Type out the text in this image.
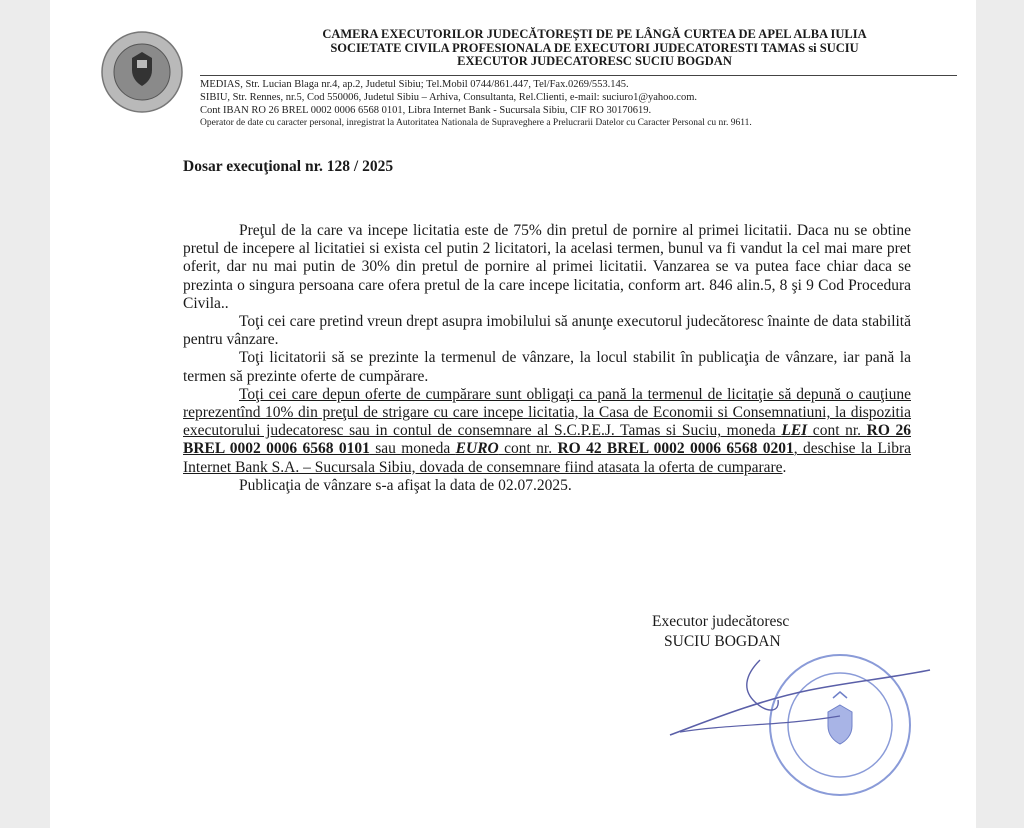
CAMERA EXECUTORILOR JUDECĂTOREȘTI DE PE LÂNGĂ CURTEA DE APEL ALBA IULIA
SOCIETATE CIVILA PROFESIONALA DE EXECUTORI JUDECATORESTI TAMAS si SUCIU
EXECUTOR JUDECATORESC SUCIU BOGDAN
MEDIAS, Str. Lucian Blaga nr.4, ap.2, Judetul Sibiu; Tel.Mobil 0744/861.447, Tel/Fax.0269/553.145.
SIBIU, Str. Rennes, nr.5, Cod 550006, Judetul Sibiu – Arhiva, Consultanta, Rel.Clienti, e-mail: suciuro1@yahoo.com.
Cont IBAN RO 26 BREL 0002 0006 6568 0101, Libra Internet Bank - Sucursala Sibiu, CIF RO 30170619.
Operator de date cu caracter personal, inregistrat la Autoritatea Nationala de Supraveghere a Prelucrarii Datelor cu Caracter Personal cu nr. 9611.
Dosar execuţional nr. 128 / 2025

Preţul de la care va incepe licitatia este de 75% din pretul de pornire al primei licitatii. Daca nu se obtine pretul de incepere al licitatiei si exista cel putin 2 licitatori, la acelasi termen, bunul va fi vandut la cel mai mare pret oferit, dar nu mai putin de 30% din pretul de pornire al primei licitatii. Vanzarea se va putea face chiar daca se prezinta o singura persoana care ofera pretul de la care incepe licitatia, conform art. 846 alin.5, 8 şi 9 Cod Procedura Civila..

Toţi cei care pretind vreun drept asupra imobilului să anunţe executorul judecătoresc înainte de data stabilită pentru vânzare.

Toţi licitatorii să se prezinte la termenul de vânzare, la locul stabilit în publicaţia de vânzare, iar pană la termen să prezinte oferte de cumpărare.

Toţi cei care depun oferte de cumpărare sunt obligaţi ca pană la termenul de licitaţie să depună o cauţiune reprezentînd 10% din preţul de strigare cu care incepe licitatia, la Casa de Economii si Consemnatiuni, la dispozitia executorului judecatoresc sau in contul de consemnare al S.C.P.E.J. Tamas si Suciu, moneda LEI cont nr. RO 26 BREL 0002 0006 6568 0101 sau moneda EURO cont nr. RO 42 BREL 0002 0006 6568 0201, deschise la Libra Internet Bank S.A. – Sucursala Sibiu, dovada de consemnare fiind atasata la oferta de cumparare.

Publicaţia de vânzare s-a afişat la data de 02.07.2025.

Executor judecătoresc
SUCIU BOGDAN
